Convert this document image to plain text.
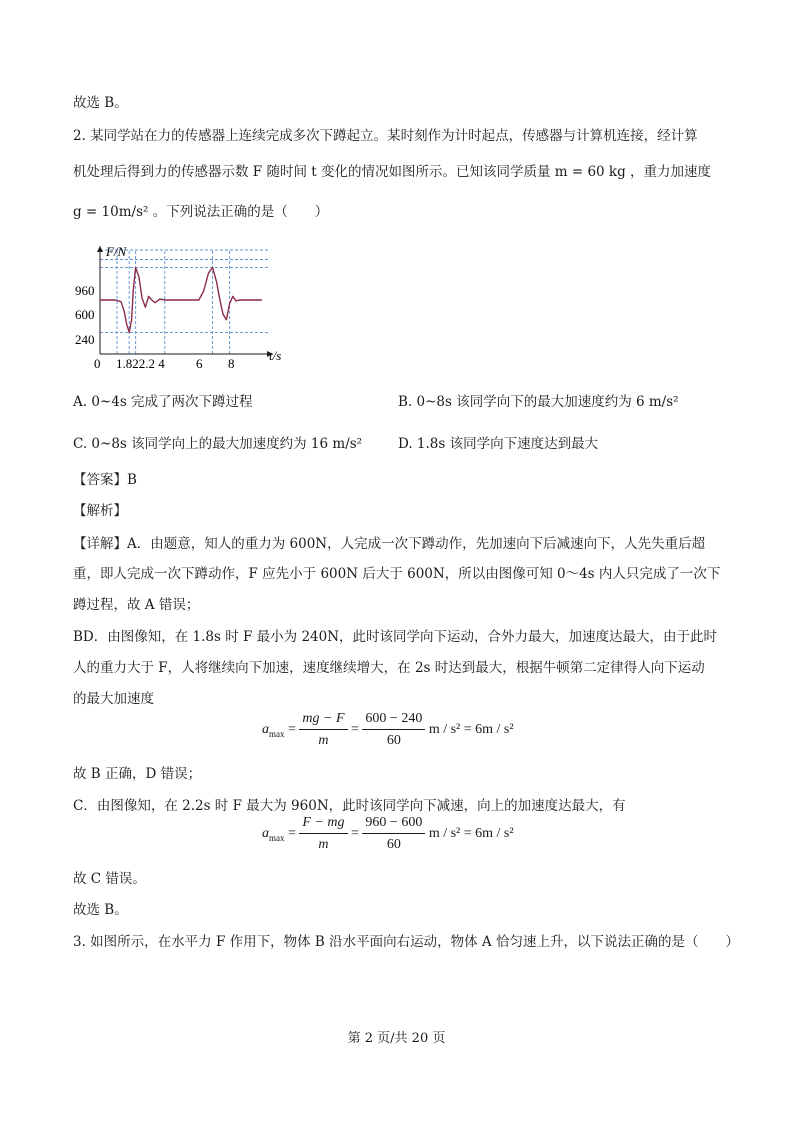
故选 B。
2. 某同学站在力的传感器上连续完成多次下蹲起立。某时刻作为计时起点，传感器与计算机连接，经计算
机处理后得到力的传感器示数 F 随时间 t 变化的情况如图所示。已知该同学质量 m = 60 kg ，重力加速度
g = 10m/s² 。下列说法正确的是（　　）
F/N
t/s
960
600
240
0 1.822.2 4 6 8
A. 0~4s 完成了两次下蹲过程	B. 0~8s 该同学向下的最大加速度约为 6 m/s²
C. 0~8s 该同学向上的最大加速度约为 16 m/s²	D. 1.8s 该同学向下速度达到最大
【答案】B
【解析】
【详解】A．由题意，知人的重力为 600N，人完成一次下蹲动作，先加速向下后减速向下，人先失重后超
重，即人完成一次下蹲动作，F 应先小于 600N 后大于 600N，所以由图像可知 0～4s 内人只完成了一次下
蹲过程，故 A 错误；
BD．由图像知，在 1.8s 时 F 最小为 240N，此时该同学向下运动，合外力最大，加速度达最大，由于此时
人的重力大于 F，人将继续向下加速，速度继续增大，在 2s 时达到最大，根据牛顿第二定律得人向下运动
的最大加速度
$a_{max} = \frac{mg - F}{m} = \frac{600 - 240}{60}$ m / s² = 6m / s²
故 B 正确，D 错误；
C．由图像知，在 2.2s 时 F 最大为 960N，此时该同学向下减速，向上的加速度达最大，有
$a_{max} = \frac{F - mg}{m} = \frac{960 - 600}{60}$ m / s² = 6m / s²
故 C 错误。
故选 B。
3. 如图所示，在水平力 F 作用下，物体 B 沿水平面向右运动，物体 A 恰匀速上升，以下说法正确的是（　　）
第 2 页/共 20 页
